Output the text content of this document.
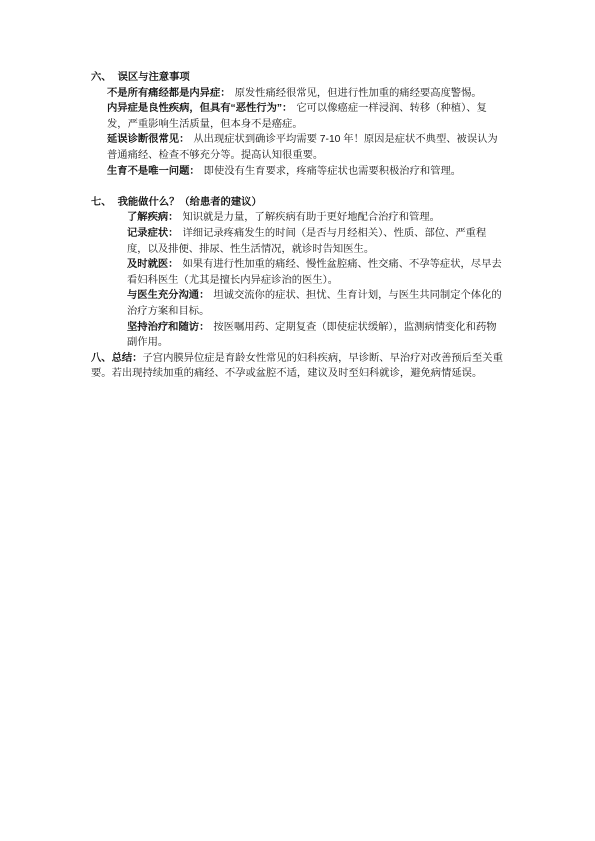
六、 误区与注意事项

不是所有痛经都是内异症： 原发性痛经很常见，但进行性加重的痛经要高度警惕。

内异症是良性疾病，但具有“恶性行为”： 它可以像癌症一样浸润、转移（种植）、复发，严重影响生活质量，但本身不是癌症。

延误诊断很常见： 从出现症状到确诊平均需要 7-10 年！原因是症状不典型、被误认为普通痛经、检查不够充分等。提高认知很重要。

生育不是唯一问题： 即使没有生育要求，疼痛等症状也需要积极治疗和管理。

七、 我能做什么？（给患者的建议）

了解疾病： 知识就是力量，了解疾病有助于更好地配合治疗和管理。

记录症状： 详细记录疼痛发生的时间（是否与月经相关）、性质、部位、严重程度，以及排便、排尿、性生活情况，就诊时告知医生。

及时就医： 如果有进行性加重的痛经、慢性盆腔痛、性交痛、不孕等症状，尽早去看妇科医生（尤其是擅长内异症诊治的医生）。

与医生充分沟通： 坦诚交流你的症状、担忧、生育计划，与医生共同制定个体化的治疗方案和目标。

坚持治疗和随访： 按医嘱用药、定期复查（即使症状缓解），监测病情变化和药物副作用。

八、总结：子宫内膜异位症是育龄女性常见的妇科疾病，早诊断、早治疗对改善预后至关重要。若出现持续加重的痛经、不孕或盆腔不适，建议及时至妇科就诊，避免病情延误。
